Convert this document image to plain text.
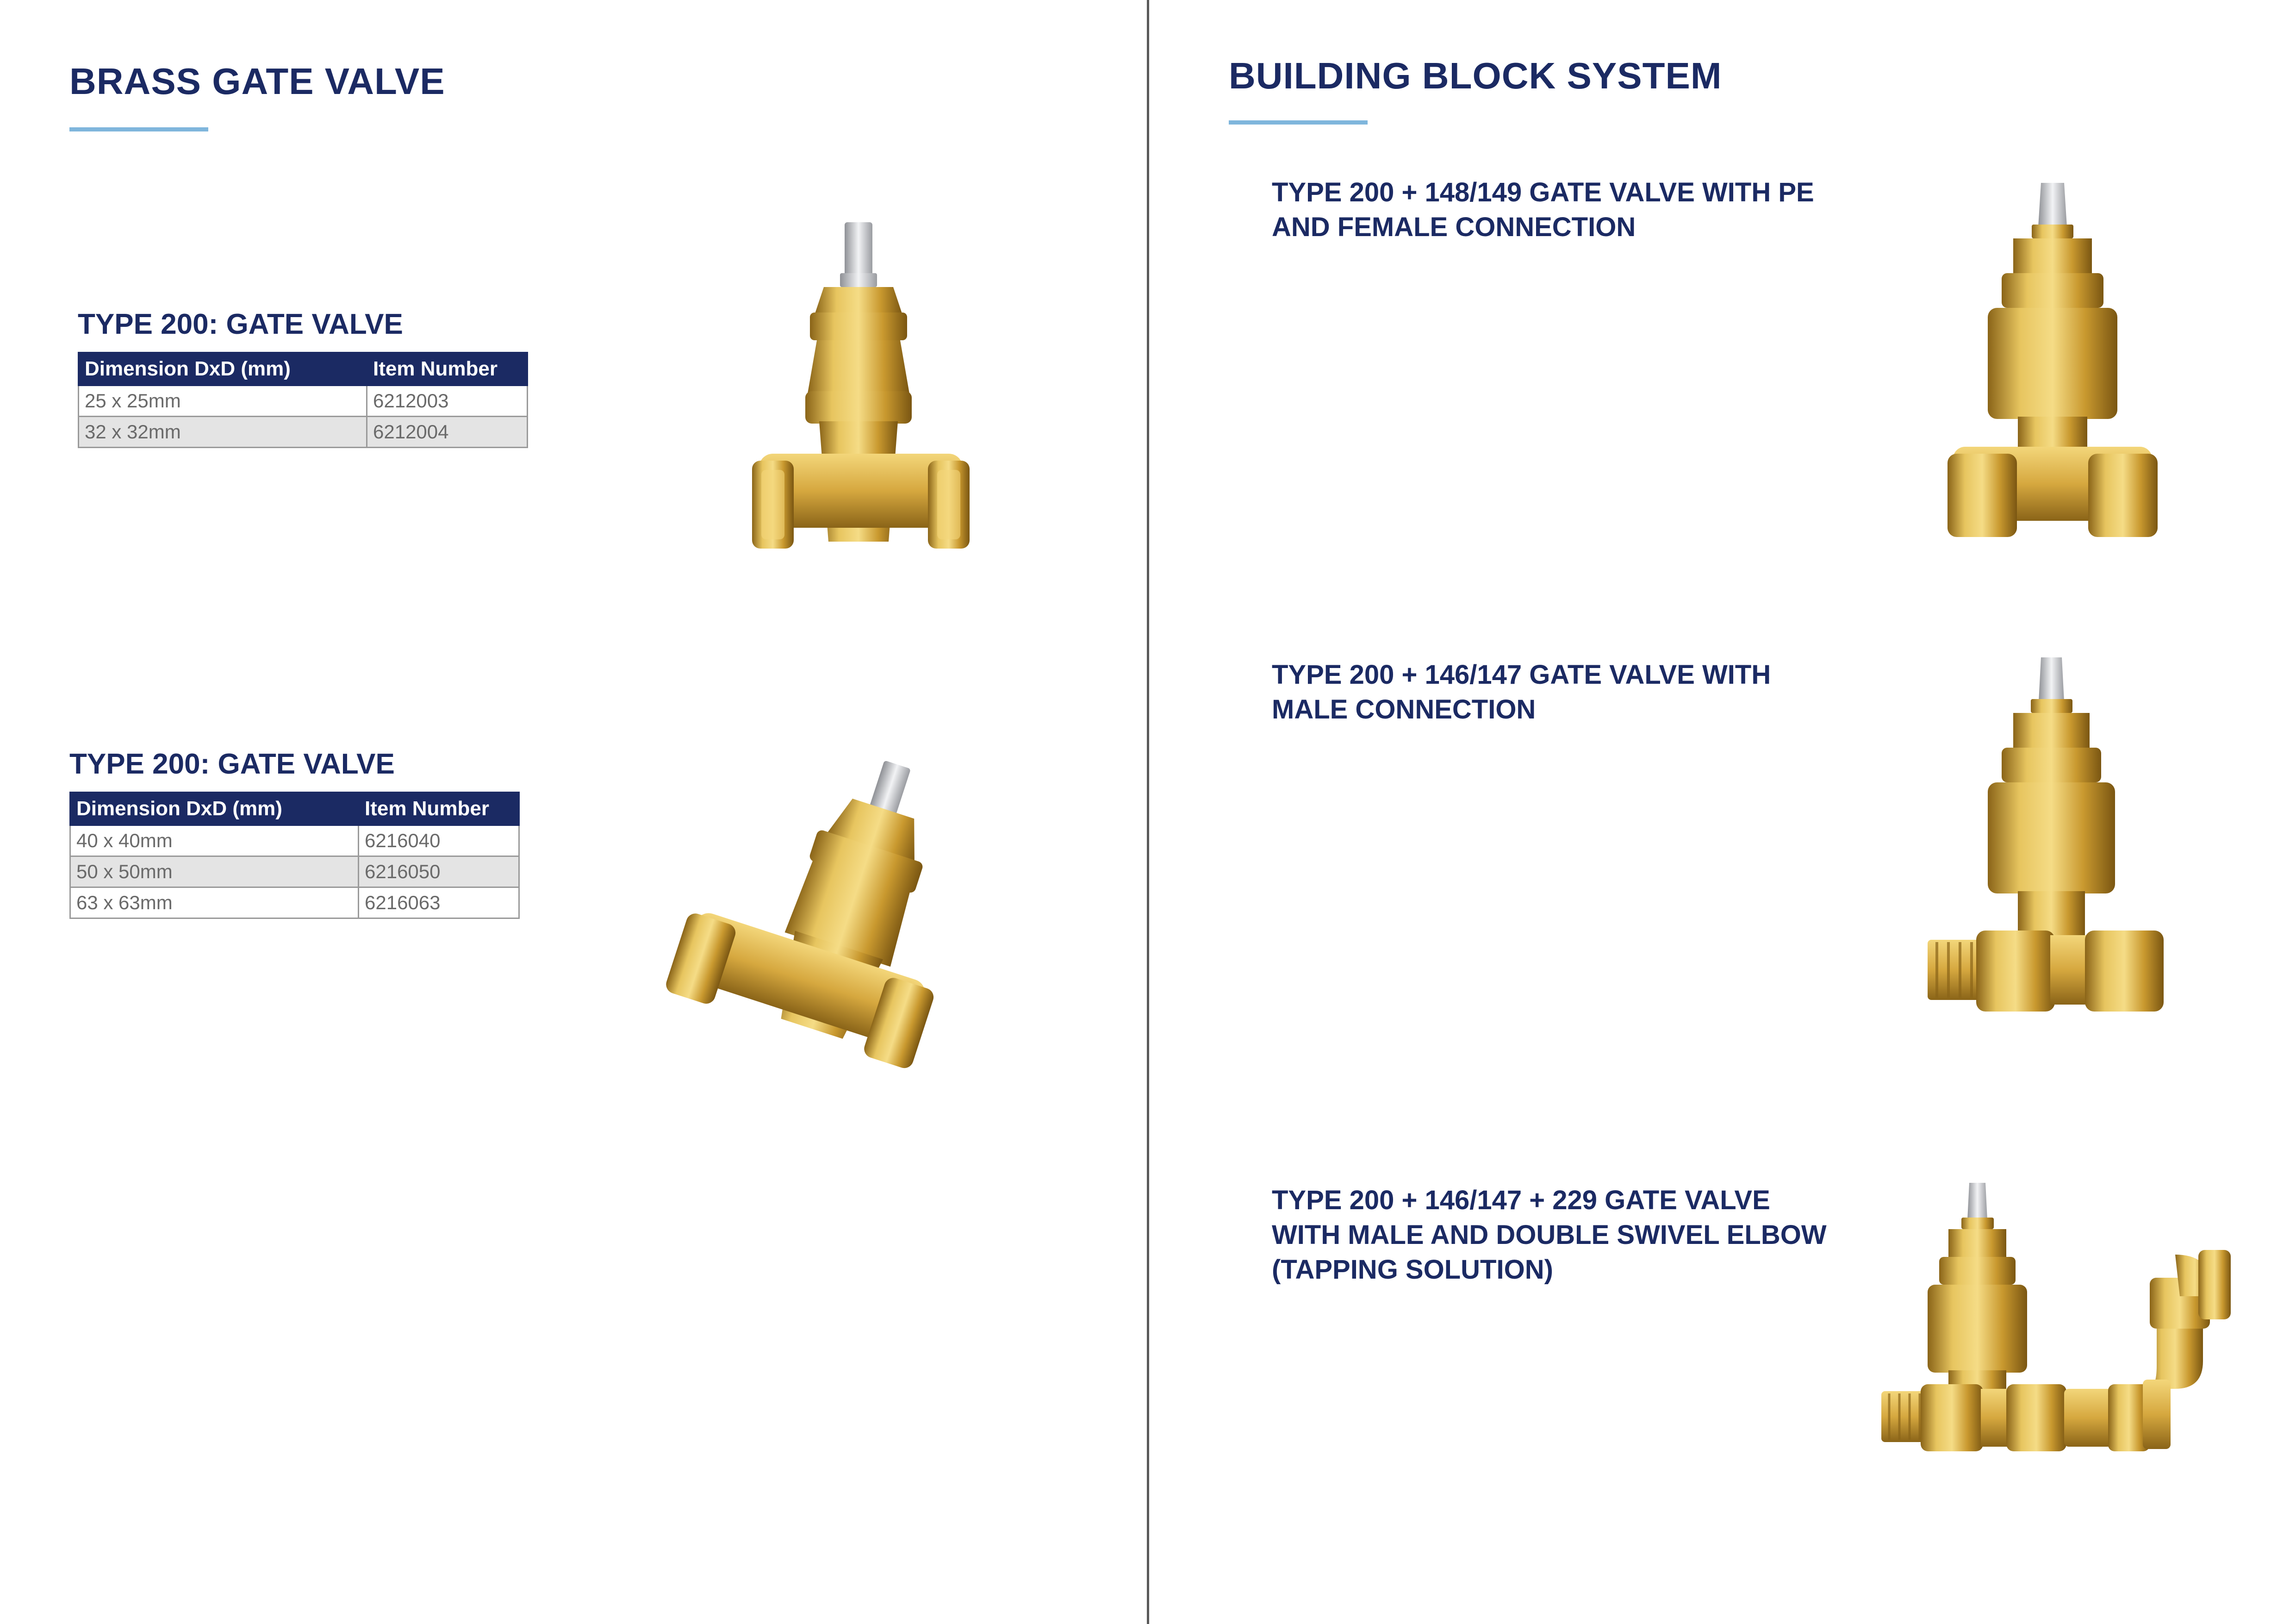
BRASS GATE VALVE
TYPE 200: GATE VALVE
Dimension DxD (mm)	Item Number
25 x 25mm	6212003
32 x 32mm	6212004
TYPE 200: GATE VALVE
Dimension DxD (mm)	Item Number
40 x 40mm	6216040
50 x 50mm	6216050
63 x 63mm	6216063
BUILDING BLOCK SYSTEM
TYPE 200 + 148/149 GATE VALVE WITH PE
AND FEMALE CONNECTION
TYPE 200 + 146/147 GATE VALVE WITH
MALE CONNECTION
TYPE 200 + 146/147 + 229 GATE VALVE
WITH MALE AND DOUBLE SWIVEL ELBOW
(TAPPING SOLUTION)
